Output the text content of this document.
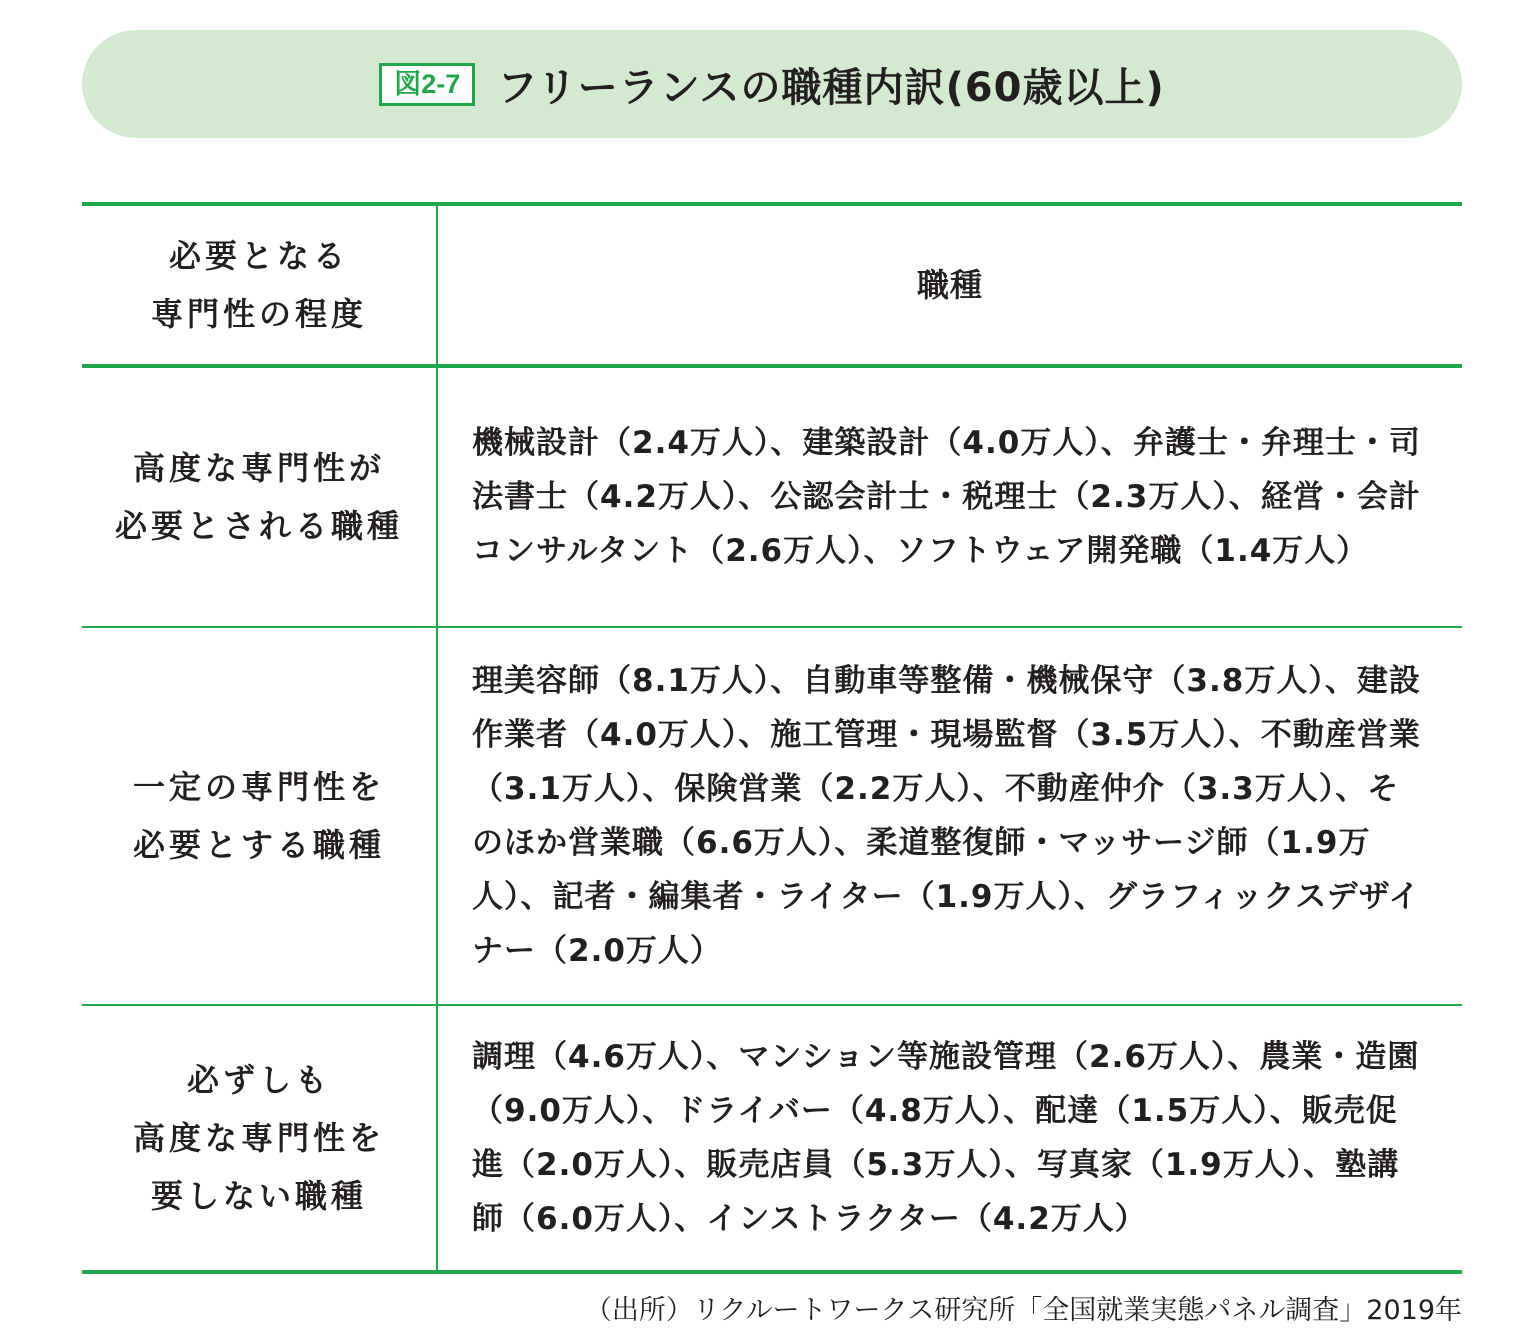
図2-7 フリーランスの職種内訳(60歳以上)
必要となる
専門性の程度
職種
高度な専門性が
必要とされる職種
機械設計（2.4万人）、建築設計（4.0万人）、弁護士・弁理士・司法書士（4.2万人）、公認会計士・税理士（2.3万人）、経営・会計コンサルタント（2.6万人）、ソフトウェア開発職（1.4万人）
一定の専門性を
必要とする職種
理美容師（8.1万人）、自動車等整備・機械保守（3.8万人）、建設作業者（4.0万人）、施工管理・現場監督（3.5万人）、不動産営業（3.1万人）、保険営業（2.2万人）、不動産仲介（3.3万人）、そのほか営業職（6.6万人）、柔道整復師・マッサージ師（1.9万人）、記者・編集者・ライター（1.9万人）、グラフィックスデザイナー（2.0万人）
必ずしも
高度な専門性を
要しない職種
調理（4.6万人）、マンション等施設管理（2.6万人）、農業・造園（9.0万人）、ドライバー（4.8万人）、配達（1.5万人）、販売促進（2.0万人）、販売店員（5.3万人）、写真家（1.9万人）、塾講師（6.0万人）、インストラクター（4.2万人）
（出所）リクルートワークス研究所「全国就業実態パネル調査」2019年
